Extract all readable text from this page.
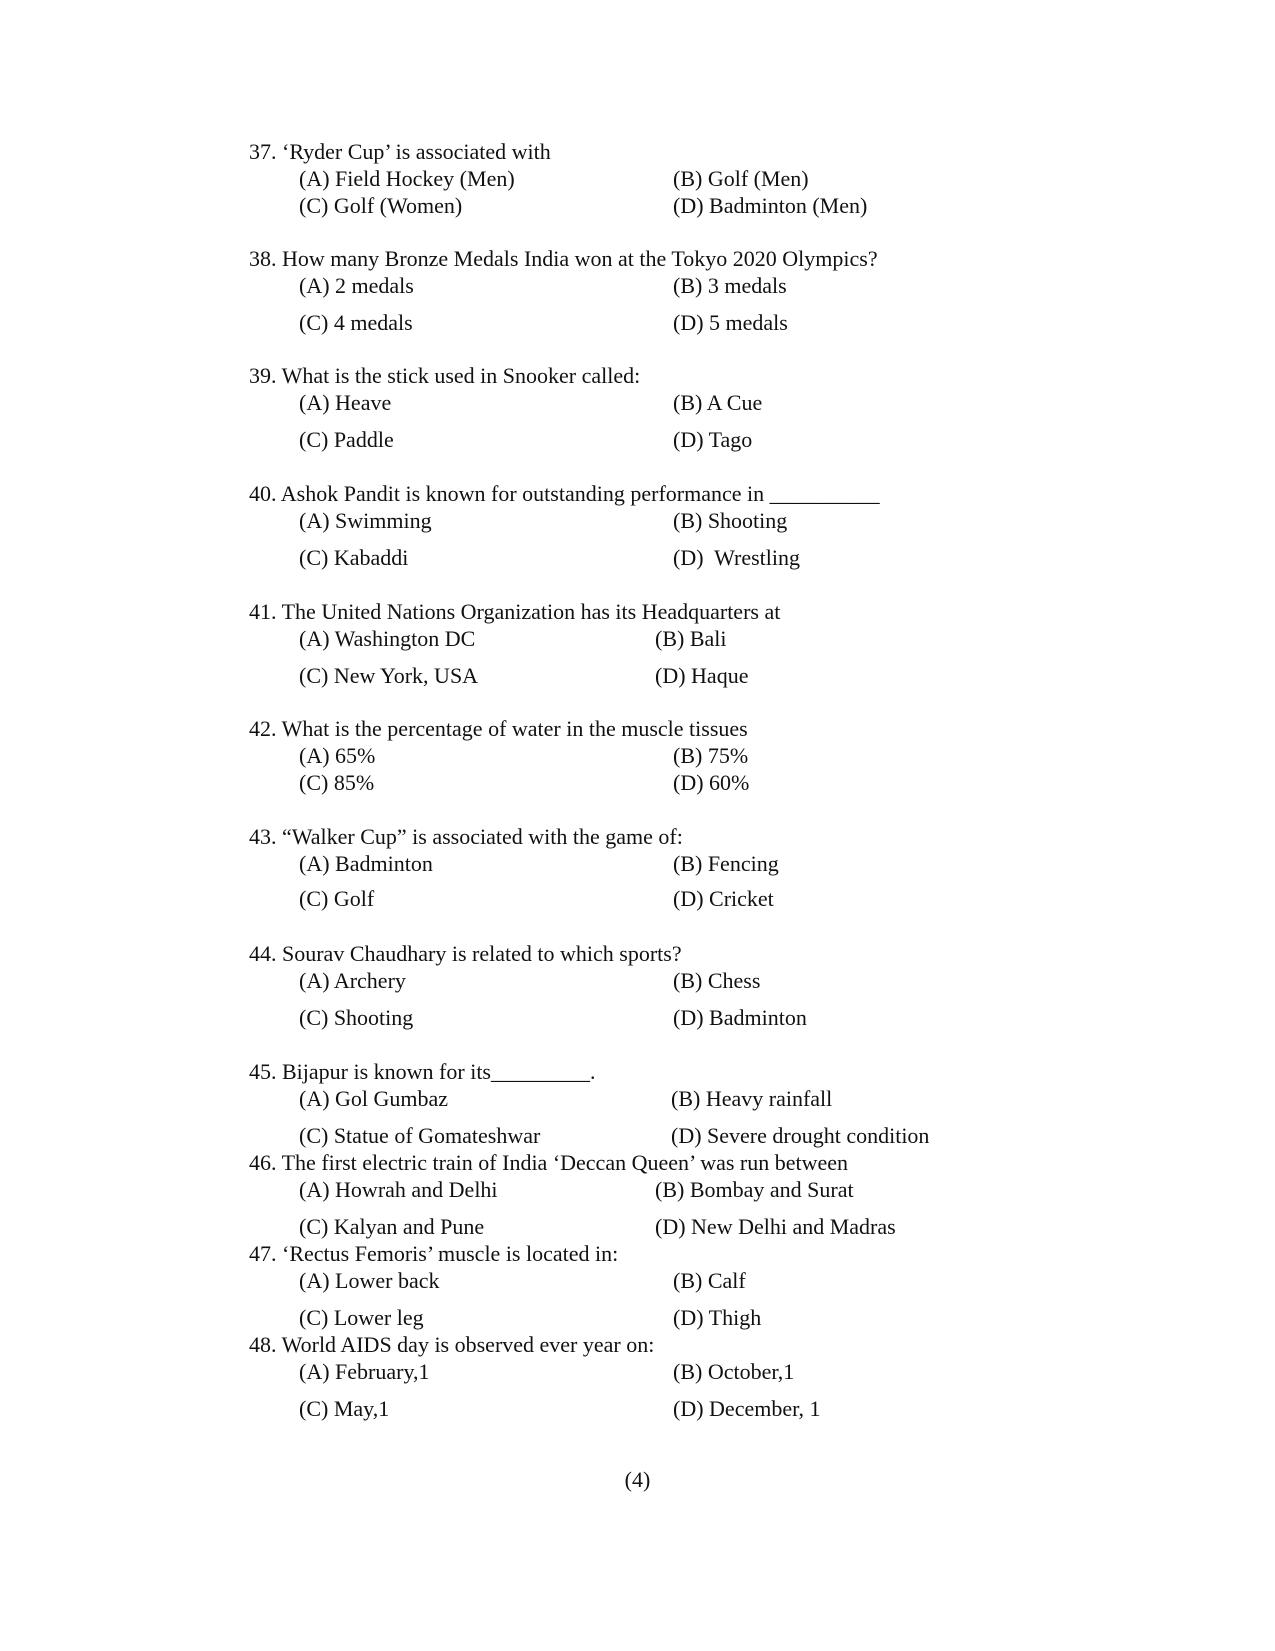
37. ‘Ryder Cup’ is associated with
(A) Field Hockey (Men)	(B) Golf (Men)
(C) Golf (Women)	(D) Badminton (Men)
38. How many Bronze Medals India won at the Tokyo 2020 Olympics?
(A) 2 medals	(B) 3 medals
(C) 4 medals	(D) 5 medals
39. What is the stick used in Snooker called:
(A) Heave	(B) A Cue
(C) Paddle	(D) Tago
40. Ashok Pandit is known for outstanding performance in __________
(A) Swimming	(B) Shooting
(C) Kabaddi	(D)  Wrestling
41. The United Nations Organization has its Headquarters at
(A) Washington DC	(B) Bali
(C) New York, USA	(D) Haque
42. What is the percentage of water in the muscle tissues
(A) 65%	(B) 75%
(C) 85%	(D) 60%
43. “Walker Cup” is associated with the game of:
(A) Badminton	(B) Fencing
(C) Golf	(D) Cricket
44. Sourav Chaudhary is related to which sports?
(A) Archery	(B) Chess
(C) Shooting	(D) Badminton
45. Bijapur is known for its_________.
(A) Gol Gumbaz	(B) Heavy rainfall
(C) Statue of Gomateshwar	(D) Severe drought condition
46. The first electric train of India ‘Deccan Queen’ was run between
(A) Howrah and Delhi	(B) Bombay and Surat
(C) Kalyan and Pune	(D) New Delhi and Madras
47. ‘Rectus Femoris’ muscle is located in:
(A) Lower back	(B) Calf
(C) Lower leg	(D) Thigh
48. World AIDS day is observed ever year on:
(A) February,1	(B) October,1
(C) May,1	(D) December, 1
(4)
